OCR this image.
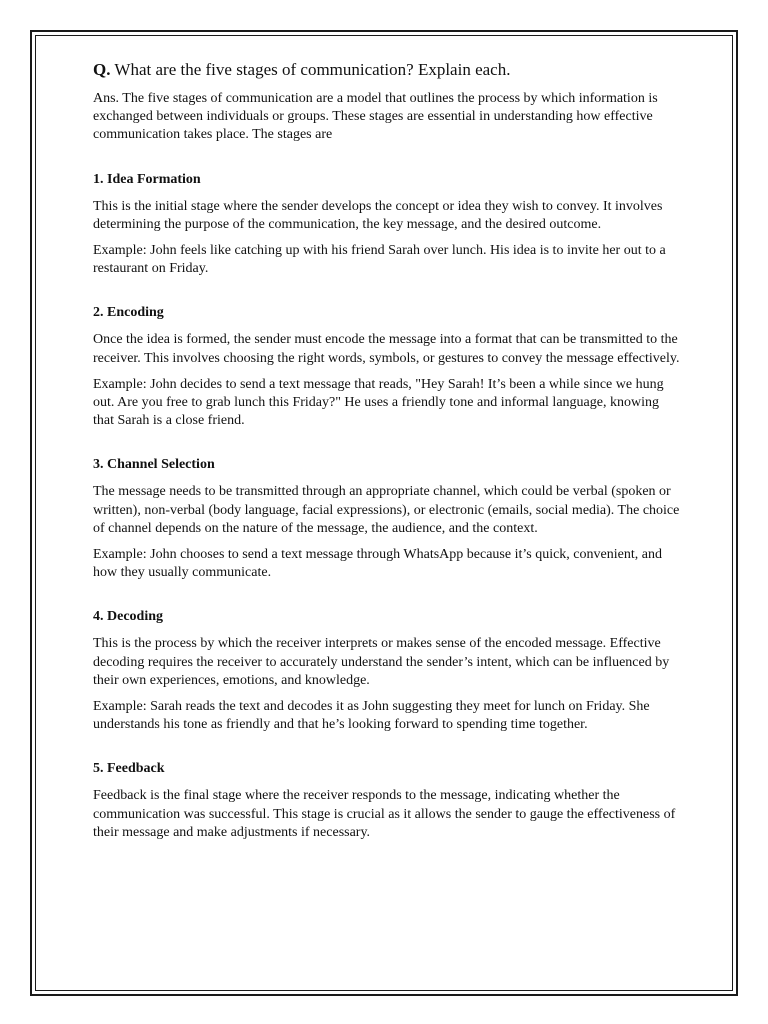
Q. What are the five stages of communication? Explain each.

Ans. The five stages of communication are a model that outlines the process by which information is exchanged between individuals or groups. These stages are essential in understanding how effective communication takes place. The stages are

1. Idea Formation

This is the initial stage where the sender develops the concept or idea they wish to convey. It involves determining the purpose of the communication, the key message, and the desired outcome.

Example: John feels like catching up with his friend Sarah over lunch. His idea is to invite her out to a restaurant on Friday.

2. Encoding

Once the idea is formed, the sender must encode the message into a format that can be transmitted to the receiver. This involves choosing the right words, symbols, or gestures to convey the message effectively.

Example: John decides to send a text message that reads, "Hey Sarah! It’s been a while since we hung out. Are you free to grab lunch this Friday?" He uses a friendly tone and informal language, knowing that Sarah is a close friend.

3. Channel Selection

The message needs to be transmitted through an appropriate channel, which could be verbal (spoken or written), non-verbal (body language, facial expressions), or electronic (emails, social media). The choice of channel depends on the nature of the message, the audience, and the context.

Example: John chooses to send a text message through WhatsApp because it’s quick, convenient, and how they usually communicate.

4. Decoding

This is the process by which the receiver interprets or makes sense of the encoded message. Effective decoding requires the receiver to accurately understand the sender’s intent, which can be influenced by their own experiences, emotions, and knowledge.

Example: Sarah reads the text and decodes it as John suggesting they meet for lunch on Friday. She understands his tone as friendly and that he’s looking forward to spending time together.

5. Feedback

Feedback is the final stage where the receiver responds to the message, indicating whether the communication was successful. This stage is crucial as it allows the sender to gauge the effectiveness of their message and make adjustments if necessary.
